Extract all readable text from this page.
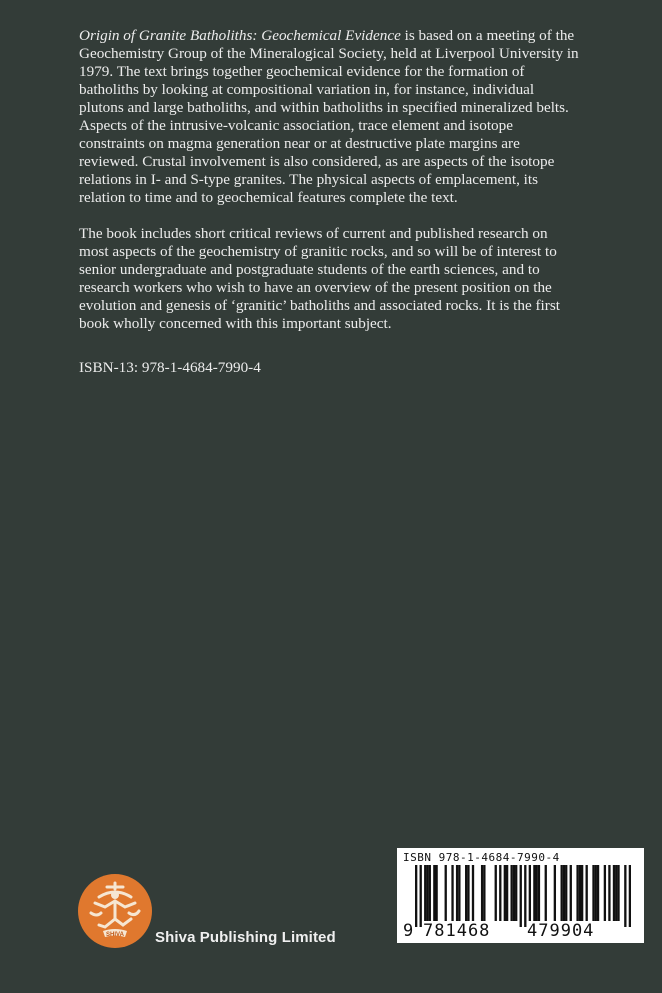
Origin of Granite Batholiths: Geochemical Evidence is based on a meeting of the Geochemistry Group of the Mineralogical Society, held at Liverpool University in 1979. The text brings together geochemical evidence for the formation of batholiths by looking at compositional variation in, for instance, individual plutons and large batholiths, and within batholiths in specified mineralized belts. Aspects of the intrusive-volcanic association, trace element and isotope constraints on magma generation near or at destructive plate margins are reviewed. Crustal involvement is also considered, as are aspects of the isotope relations in I- and S-type granites. The physical aspects of emplacement, its relation to time and to geochemical features complete the text.

The book includes short critical reviews of current and published research on most aspects of the geochemistry of granitic rocks, and so will be of interest to senior undergraduate and postgraduate students of the earth sciences, and to research workers who wish to have an overview of the present position on the evolution and genesis of ‘granitic’ batholiths and associated rocks. It is the first book wholly concerned with this important subject.

ISBN-13: 978-1-4684-7990-4
SHIVA Shiva Publishing Limited
ISBN 978-1-4684-7990-4
9 781468 479904
